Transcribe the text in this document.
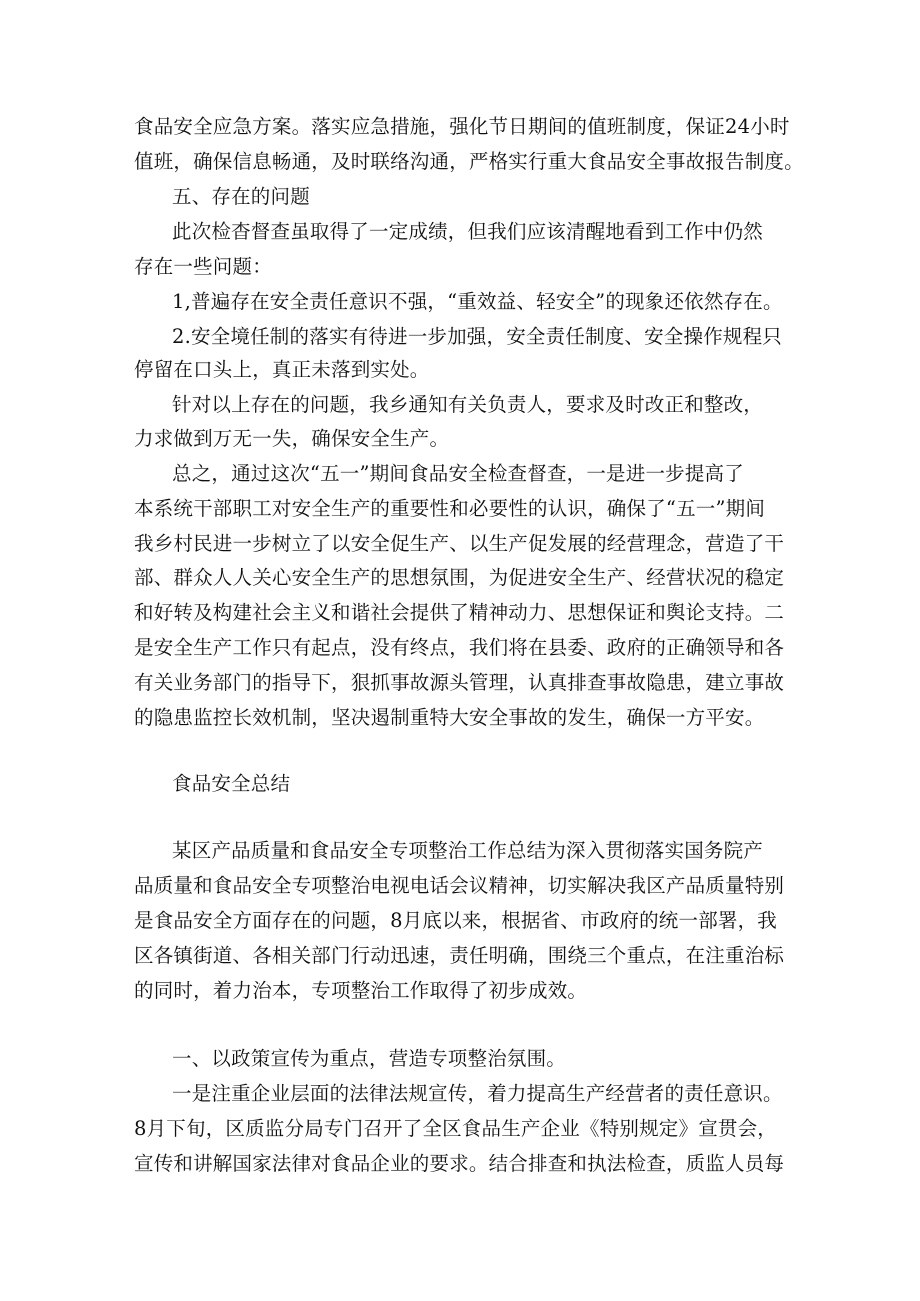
食品安全应急方案。落实应急措施，强化节日期间的值班制度，保证24小时
值班，确保信息畅通，及时联络沟通，严格实行重大食品安全事故报告制度。
五、存在的问题
此次检杳督查虽取得了一定成绩，但我们应该清醒地看到工作中仍然
存在一些问题：
1,普遍存在安全责任意识不强，“重效益、轻安全”的现象还依然存在。
2.安全境任制的落实有待进一步加强，安全责任制度、安全操作规程只
停留在口头上，真正未落到实处。
针对以上存在的问题，我乡通知有关负责人，要求及时改正和整改，
力求做到万无一失，确保安全生产。
总之，通过这次“五一”期间食品安全检查督查，一是进一步提高了
本系统干部职工对安全生产的重要性和必要性的认识，确保了“五一”期间
我乡村民进一步树立了以安全促生产、以生产促发展的经营理念，营造了干
部、群众人人关心安全生产的思想氛围，为促进安全生产、经营状况的稳定
和好转及构建社会主义和谐社会提供了精神动力、思想保证和舆论支持。二
是安全生产工作只有起点，没有终点，我们将在县委、政府的正确领导和各
有关业务部门的指导下，狠抓事故源头管理，认真排查事故隐患，建立事故
的隐患监控长效机制，坚决遏制重特大安全事故的发生，确保一方平安。
食品安全总结
某区产品质量和食品安全专项整治工作总结为深入贯彻落实国务院产
品质量和食品安全专项整治电视电话会议精神，切实解决我区产品质量特别
是食品安全方面存在的问题，8月底以来，根据省、市政府的统一部署，我
区各镇街道、各相关部门行动迅速，责任明确，围绕三个重点，在注重治标
的同时，着力治本，专项整治工作取得了初步成效。
一、以政策宣传为重点，营造专项整治氛围。
一是注重企业层面的法律法规宣传，着力提高生产经营者的责任意识。
8月下旬，区质监分局专门召开了全区食品生产企业《特别规定》宣贯会，
宣传和讲解国家法律对食品企业的要求。结合排查和执法检查，质监人员每
